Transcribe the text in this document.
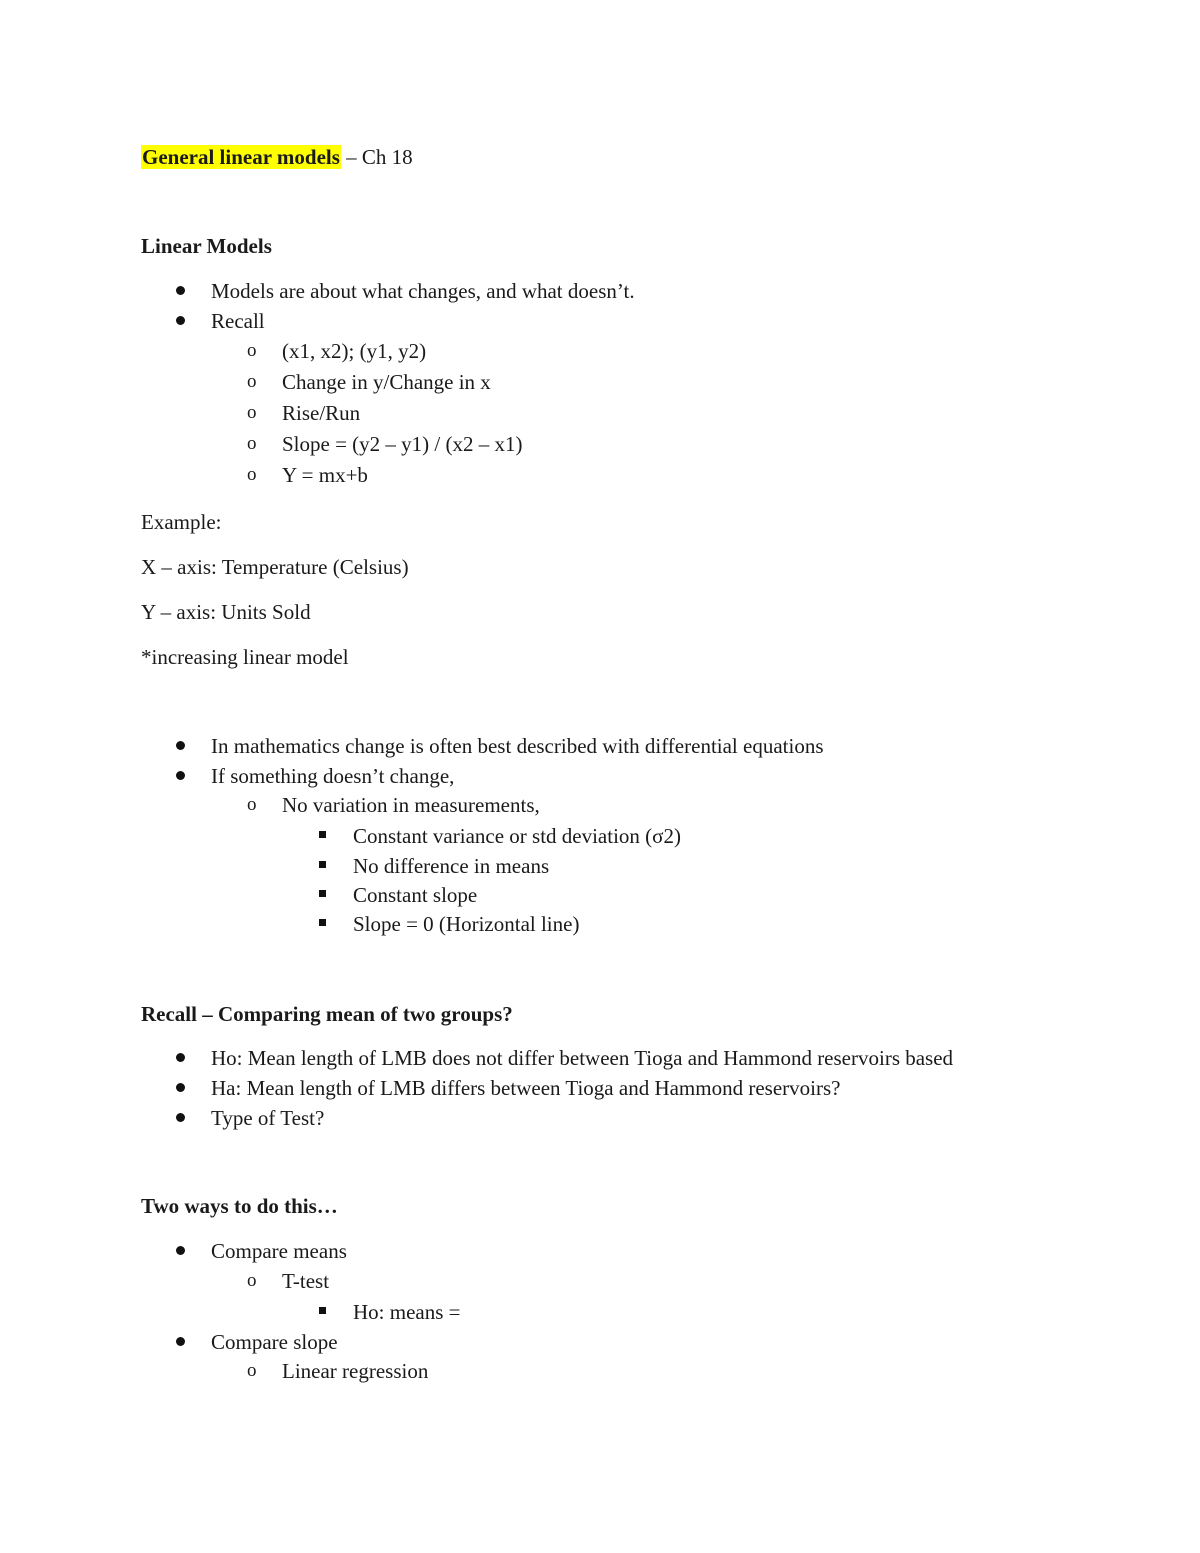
General linear models – Ch 18
Linear Models
Models are about what changes, and what doesn’t.
Recall
o (x1, x2); (y1, y2)
o Change in y/Change in x
o Rise/Run
o Slope = (y2 – y1) / (x2 – x1)
o Y = mx+b
Example:
X – axis: Temperature (Celsius)
Y – axis: Units Sold
*increasing linear model
In mathematics change is often best described with differential equations
If something doesn’t change,
o No variation in measurements,
Constant variance or std deviation (σ2)
No difference in means
Constant slope
Slope = 0 (Horizontal line)
Recall – Comparing mean of two groups?
Ho: Mean length of LMB does not differ between Tioga and Hammond reservoirs based
Ha: Mean length of LMB differs between Tioga and Hammond reservoirs?
Type of Test?
Two ways to do this…
Compare means
o T-test
Ho: means =
Compare slope
o Linear regression
